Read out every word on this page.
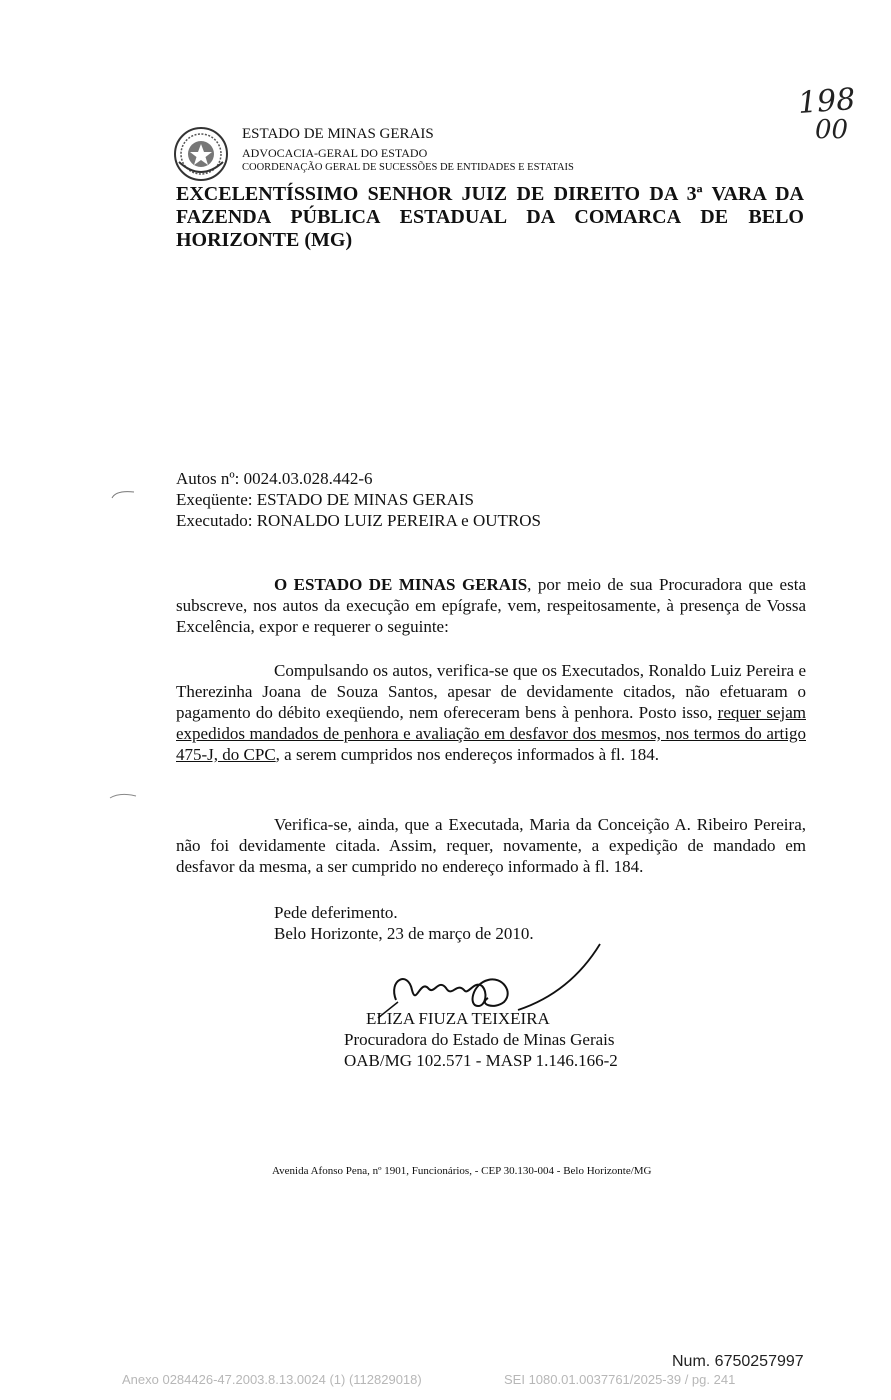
198
00
ESTADO DE MINAS GERAIS
ADVOCACIA-GERAL DO ESTADO
COORDENAÇÃO GERAL DE SUCESSÕES DE ENTIDADES E ESTATAIS
EXCELENTÍSSIMO SENHOR JUIZ DE DIREITO DA 3ª VARA DA FAZENDA PÚBLICA ESTADUAL DA COMARCA DE BELO HORIZONTE (MG)
Autos nº: 0024.03.028.442-6
Exeqüente: ESTADO DE MINAS GERAIS
Executado: RONALDO LUIZ PEREIRA e OUTROS
O ESTADO DE MINAS GERAIS, por meio de sua Procuradora que esta subscreve, nos autos da execução em epígrafe, vem, respeitosamente, à presença de Vossa Excelência, expor e requerer o seguinte:
Compulsando os autos, verifica-se que os Executados, Ronaldo Luiz Pereira e Therezinha Joana de Souza Santos, apesar de devidamente citados, não efetuaram o pagamento do débito exeqüendo, nem ofereceram bens à penhora. Posto isso, requer sejam expedidos mandados de penhora e avaliação em desfavor dos mesmos, nos termos do artigo 475-J, do CPC, a serem cumpridos nos endereços informados à fl. 184.
Verifica-se, ainda, que a Executada, Maria da Conceição A. Ribeiro Pereira, não foi devidamente citada. Assim, requer, novamente, a expedição de mandado em desfavor da mesma, a ser cumprido no endereço informado à fl. 184.
Pede deferimento.
Belo Horizonte, 23 de março de 2010.
ELIZA FIUZA TEIXEIRA
Procuradora do Estado de Minas Gerais
OAB/MG 102.571 - MASP 1.146.166-2
Avenida Afonso Pena, nº 1901, Funcionários, - CEP 30.130-004 - Belo Horizonte/MG
Num. 6750257997
Anexo 0284426-47.2003.8.13.0024 (1) (112829018)	SEI 1080.01.0037761/2025-39 / pg. 241
